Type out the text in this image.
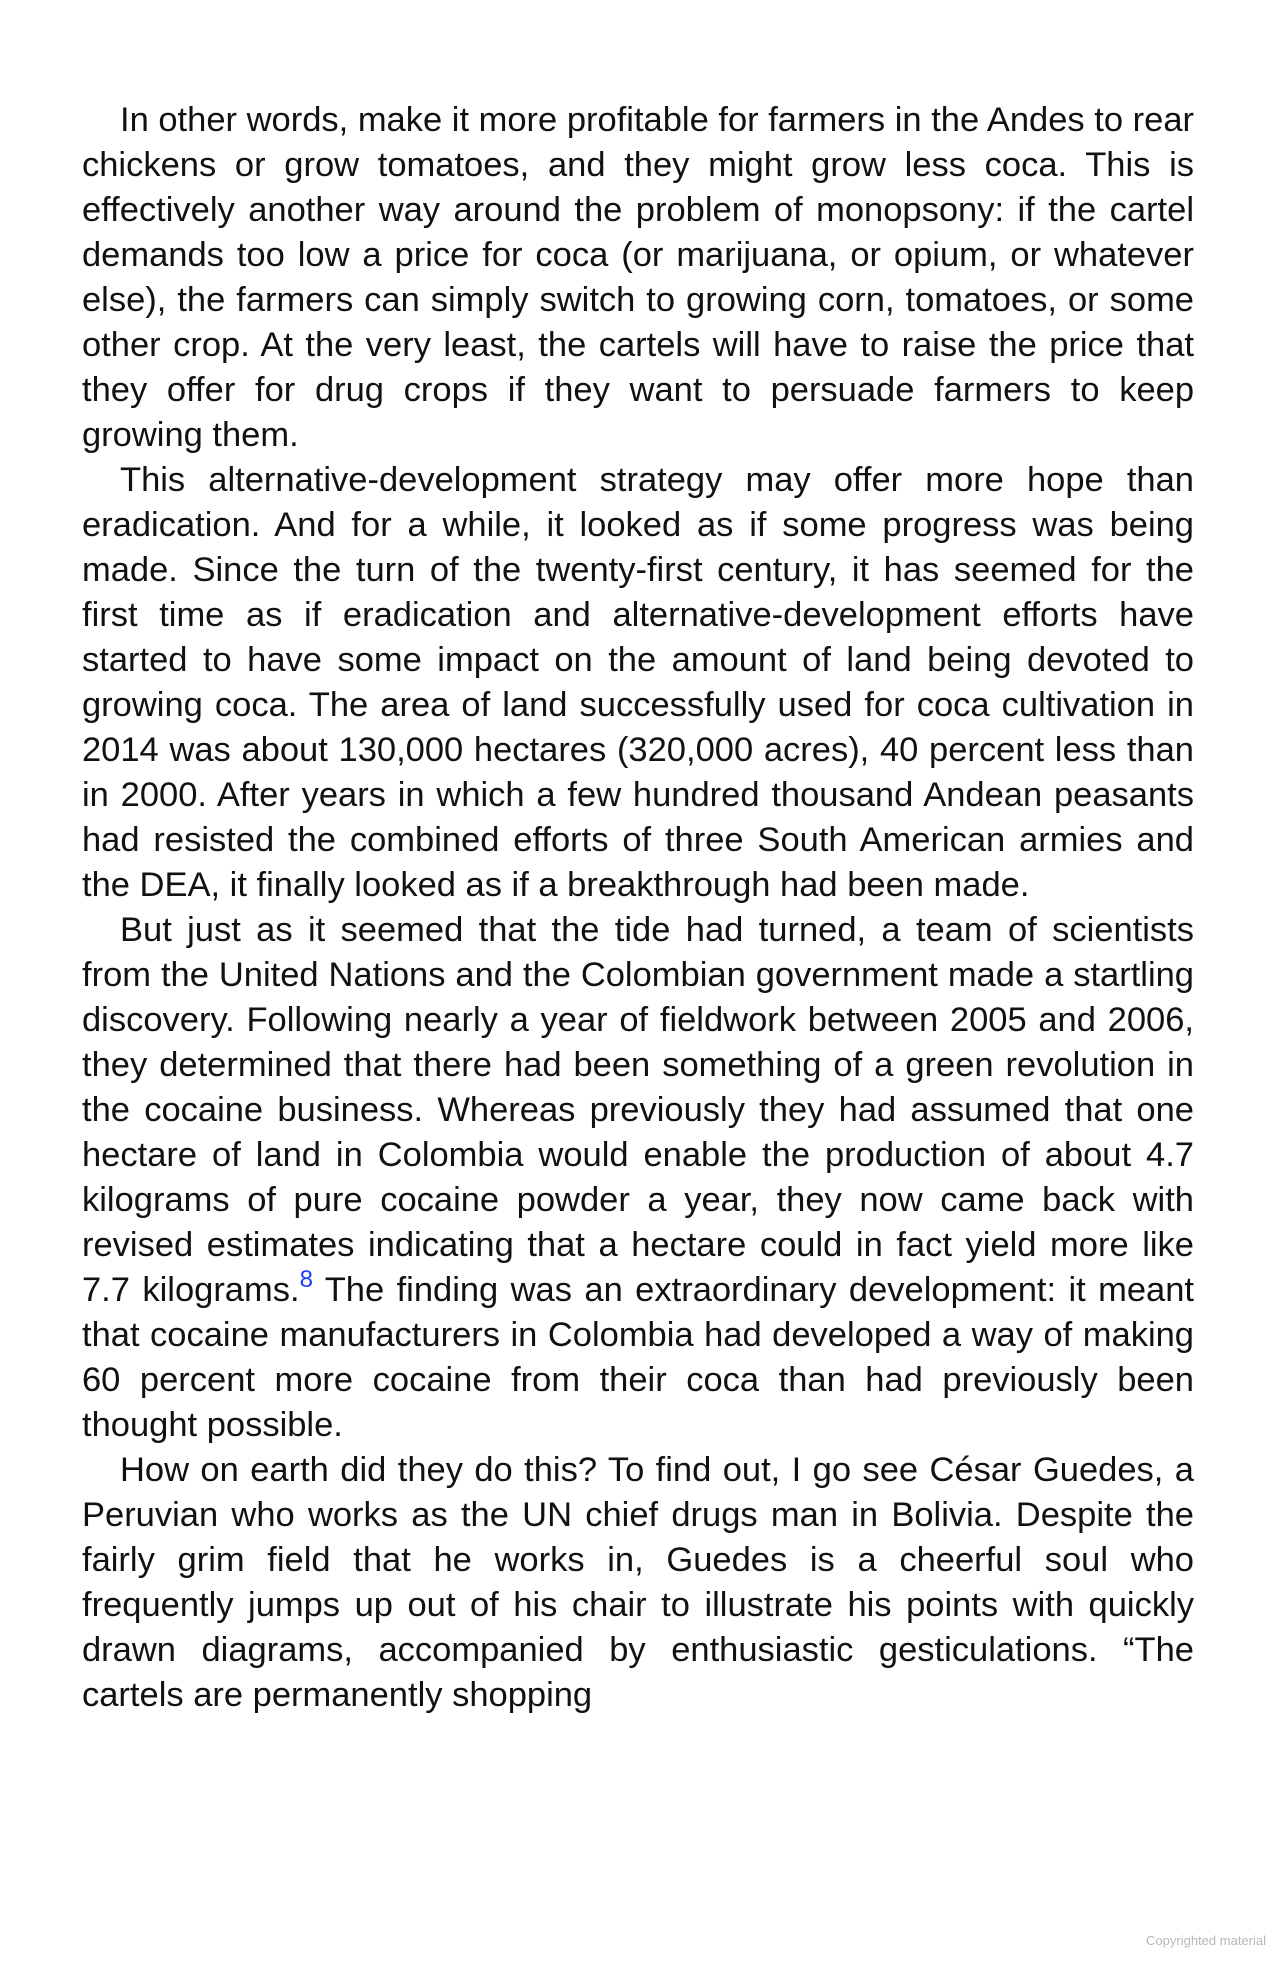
In other words, make it more profitable for farmers in the Andes to rear chickens or grow tomatoes, and they might grow less coca. This is effectively another way around the problem of monopsony: if the cartel demands too low a price for coca (or marijuana, or opium, or whatever else), the farmers can simply switch to growing corn, tomatoes, or some other crop. At the very least, the cartels will have to raise the price that they offer for drug crops if they want to persuade farmers to keep growing them.

This alternative-development strategy may offer more hope than eradication. And for a while, it looked as if some progress was being made. Since the turn of the twenty-first century, it has seemed for the first time as if eradication and alternative-development efforts have started to have some impact on the amount of land being devoted to growing coca. The area of land successfully used for coca cultivation in 2014 was about 130,000 hectares (320,000 acres), 40 percent less than in 2000. After years in which a few hundred thousand Andean peasants had resisted the combined efforts of three South American armies and the DEA, it finally looked as if a breakthrough had been made.

But just as it seemed that the tide had turned, a team of scientists from the United Nations and the Colombian government made a startling discovery. Following nearly a year of fieldwork between 2005 and 2006, they determined that there had been something of a green revolution in the cocaine business. Whereas previously they had assumed that one hectare of land in Colombia would enable the production of about 4.7 kilograms of pure cocaine powder a year, they now came back with revised estimates indicating that a hectare could in fact yield more like 7.7 kilograms.$^8$ The finding was an extraordinary development: it meant that cocaine manufacturers in Colombia had developed a way of making 60 percent more cocaine from their coca than had previously been thought possible.

How on earth did they do this? To find out, I go see César Guedes, a Peruvian who works as the UN chief drugs man in Bolivia. Despite the fairly grim field that he works in, Guedes is a cheerful soul who frequently jumps up out of his chair to illustrate his points with quickly drawn diagrams, accompanied by enthusiastic gesticulations. “The cartels are permanently shopping

Copyrighted material
